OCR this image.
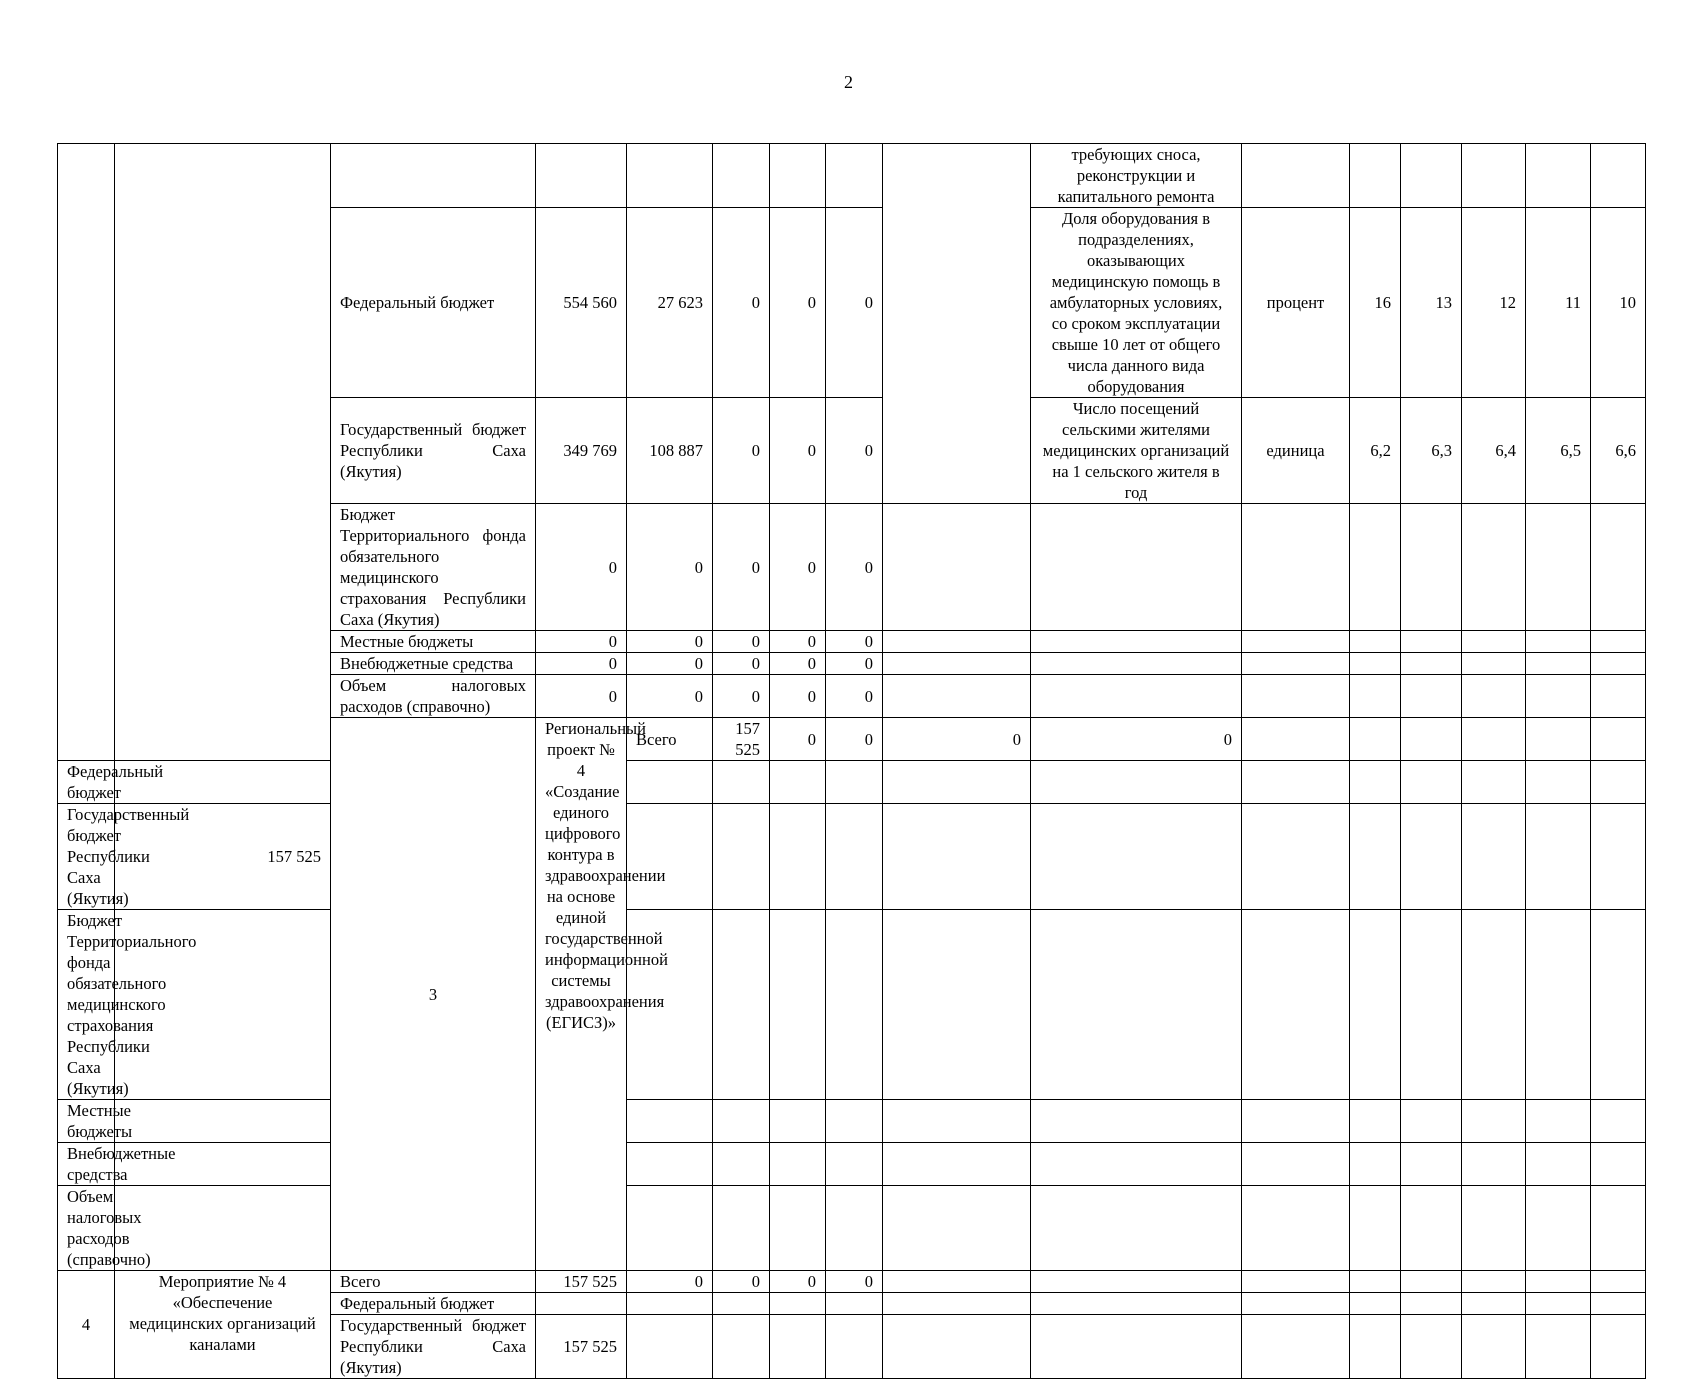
2
									требующих сноса, реконструкции и капитального ремонта							
		Федеральный бюджет	554 560	27 623	0	0	0		Доля оборудования в подразделениях, оказывающих медицинскую помощь в амбулаторных условиях, со сроком эксплуатации свыше 10 лет от общего числа данного вида оборудования	процент	16	13	12	11	10	
		Государственный бюджет Республики Саха (Якутия)	349 769	108 887	0	0	0		Число посещений сельскими жителями медицинских организаций на 1 сельского жителя в год	единица	6,2	6,3	6,4	6,5	6,6	
		Бюджет Территориального фонда обязательного медицинского страхования Республики Саха (Якутия)	0	0	0	0	0									
		Местные бюджеты	0	0	0	0	0									
		Внебюджетные средства	0	0	0	0	0									
		Объем налоговых расходов (справочно)	0	0	0	0	0									
		3	Региональный проект № 4 «Создание единого цифрового контура в здравоохранении на основе единой государственной информационной системы здравоохранения (ЕГИСЗ)»	Всего	157 525	0	0	0	0								
Федеральный бюджет																
Государственный бюджет Республики Саха (Якутия)	157 525															
Бюджет Территориального фонда обязательного медицинского страхования Республики Саха (Якутия)																
Местные бюджеты																
Внебюджетные средства																
Объем налоговых расходов (справочно)																
4	Мероприятие № 4 «Обеспечение медицинских организаций каналами	Всего	157 525	0	0	0	0									
		Федеральный бюджет														
		Государственный бюджет Республики Саха (Якутия)	157 525													
